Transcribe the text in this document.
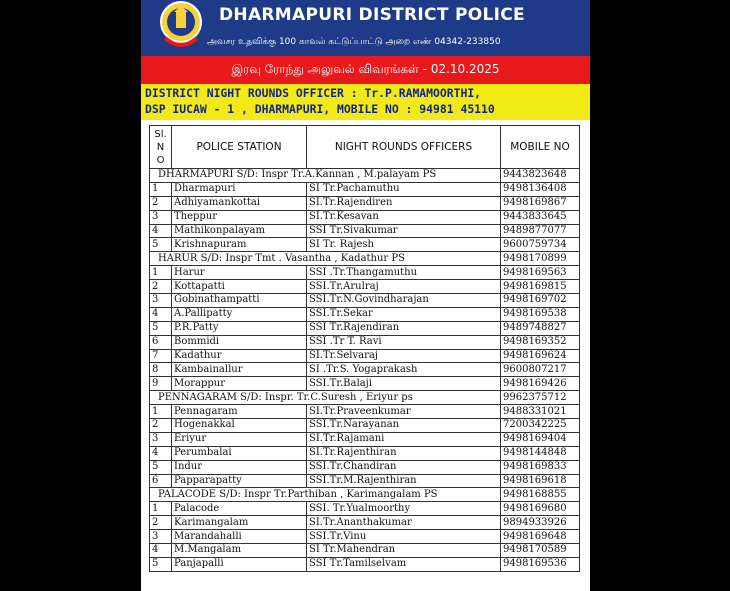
DHARMAPURI DISTRICT POLICE
அவசர உதவிக்கு 100 காவல் கட்டுப்பாட்டு அறை எண் 04342-233850
இரவு ரோந்து அலுவல் விவரங்கள் - 02.10.2025
DISTRICT NIGHT ROUNDS OFFICER : Tr.P.RAMAMOORTHI,
DSP IUCAW - 1 , DHARMAPURI, MOBILE NO : 94981 45110
Sl.
N
O	POLICE STATION	NIGHT ROUNDS OFFICERS	MOBILE NO
DHARMAPURI S/D: Inspr Tr.A.Kannan , M.palayam PS			9443823648
1	Dharmapuri	SI Tr.Pachamuthu	9498136408
2	Adhiyamankottai	SI.Tr.Rajendiren	9498169867
3	Theppur	SI.Tr.Kesavan	9443833645
4	Mathikonpalayam	SSI Tr.Sivakumar	9489877077
5	Krishnapuram	SI Tr. Rajesh	9600759734
HARUR S/D: Inspr Tmt . Vasantha , Kadathur PS			9498170899
1	Harur	SSI .Tr.Thangamuthu	9498169563
2	Kottapatti	SSI.Tr.Arulraj	9498169815
3	Gobinathampatti	SSI.Tr.N.Govindharajan	9498169702
4	A.Pallipatty	SSI.Tr.Sekar	9498169538
5	P.R.Patty	SSI Tr.Rajendiran	9489748827
6	Bommidi	SSI .Tr T. Ravi	9498169352
7	Kadathur	SI.Tr.Selvaraj	9498169624
8	Kambainallur	SI .Tr.S. Yogaprakash	9600807217
9	Morappur	SSI.Tr.Balaji	9498169426
PENNAGARAM S/D: Inspr. Tr.C.Suresh , Eriyur ps			9962375712
1	Pennagaram	SI.Tr.Praveenkumar	9488331021
2	Hogenakkal	SSI.Tr.Narayanan	7200342225
3	Eriyur	SI.Tr.Rajamani	9498169404
4	Perumbalai	SI.Tr.Rajenthiran	9498144848
5	Indur	SSI.Tr.Chandiran	9498169833
6	Papparapatty	SSI.Tr.M.Rajenthiran	9498169618
PALACODE S/D: Inspr Tr.Parthiban , Karimangalam PS			9498168855
1	Palacode	SSI. Tr.Yualmoorthy	9498169680
2	Karimangalam	SI.Tr.Ananthakumar	9894933926
3	Marandahalli	SSI.Tr.Vinu	9498169648
4	M.Mangalam	SI Tr.Mahendran	9498170589
5	Panjapalli	SSI Tr.Tamilselvam	9498169536
